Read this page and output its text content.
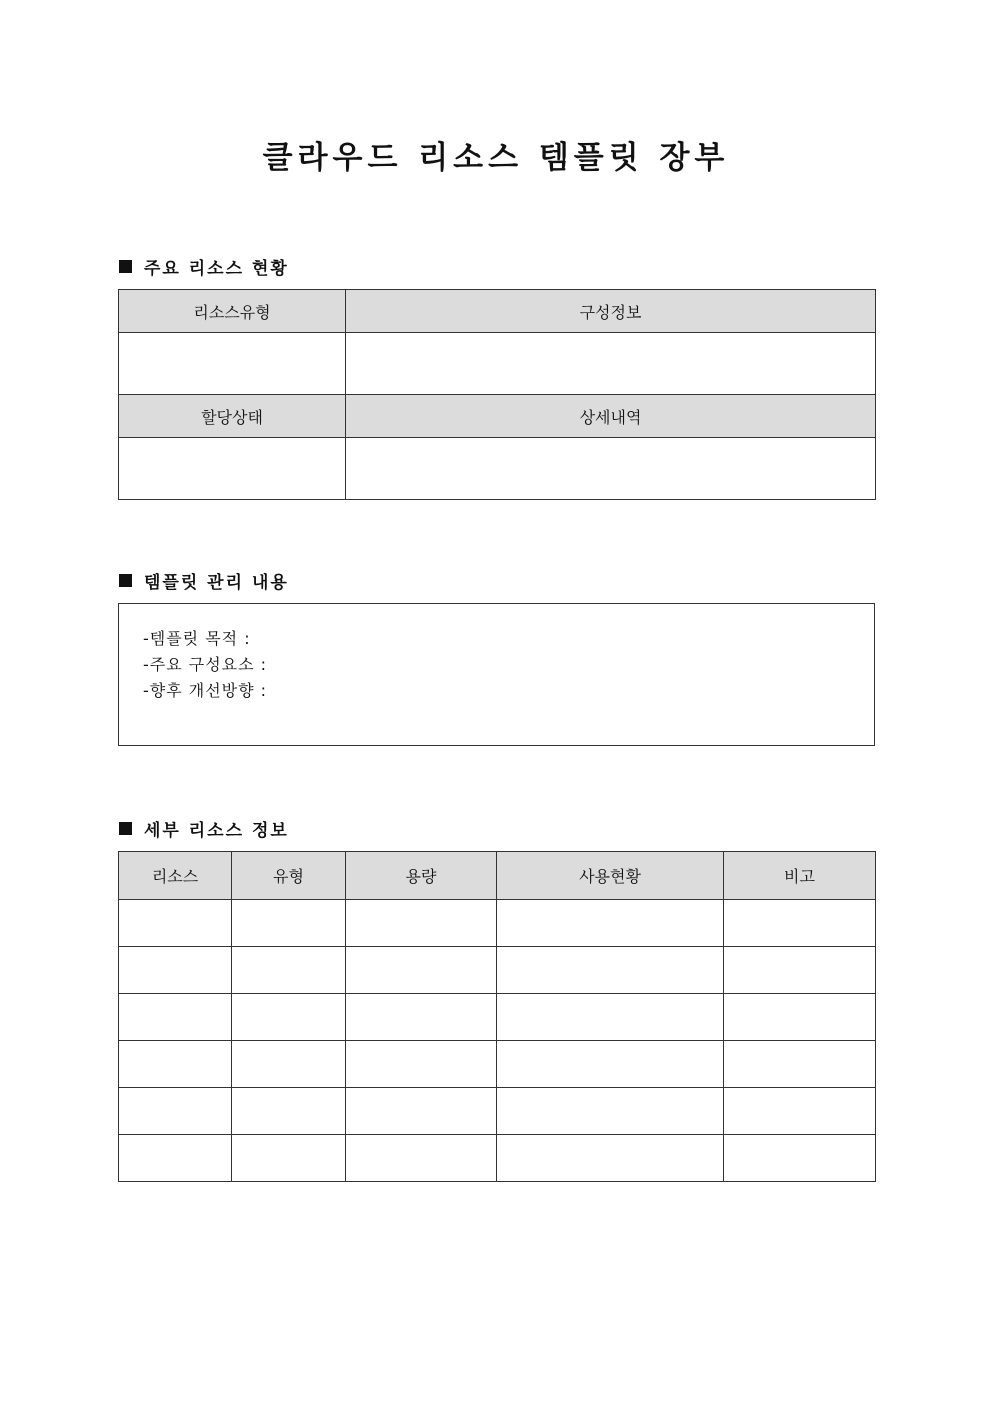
클라우드 리소스 템플릿 장부
주요 리소스 현황
리소스유형	구성정보

할당상태	상세내역

템플릿 관리 내용
-템플릿 목적 :
-주요 구성요소 :
-향후 개선방향 :
세부 리소스 정보
리소스	유형	용량	사용현황	비고
